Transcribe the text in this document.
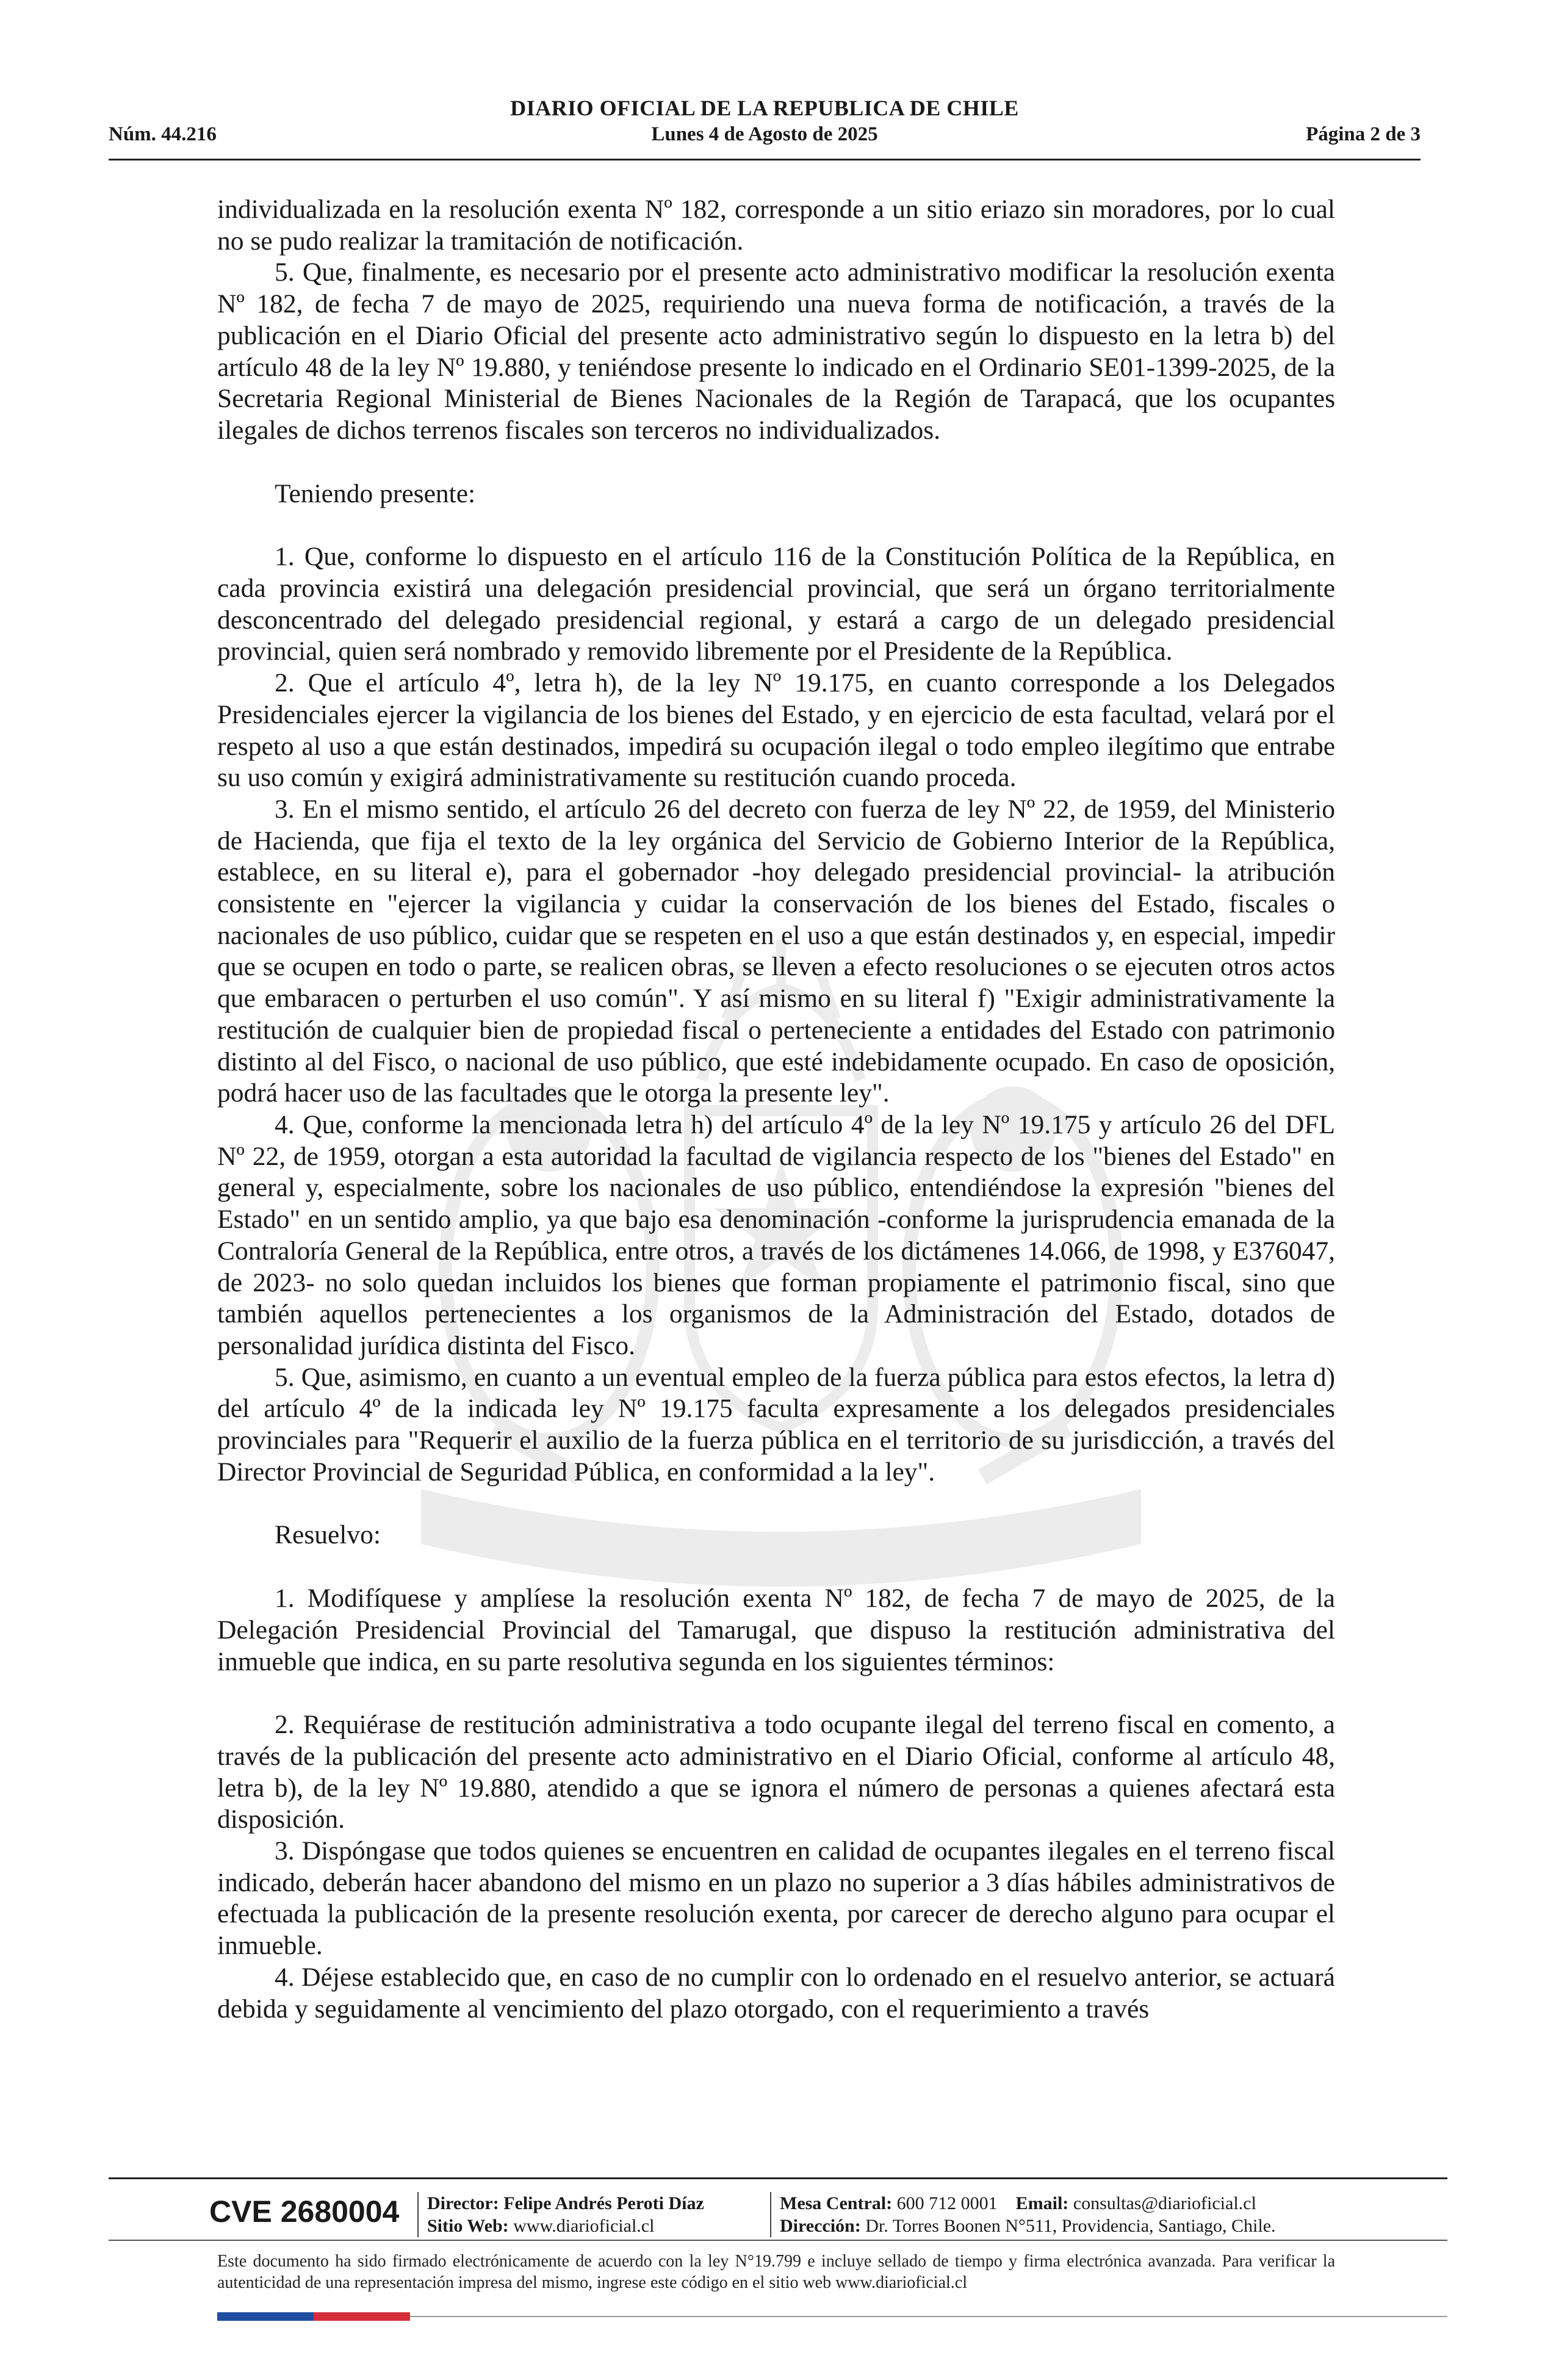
DIARIO OFICIAL DE LA REPUBLICA DE CHILE
Núm. 44.216	Lunes 4 de Agosto de 2025	Página 2 de 3

individualizada en la resolución exenta Nº 182, corresponde a un sitio eriazo sin moradores, por lo cual no se pudo realizar la tramitación de notificación.

5. Que, finalmente, es necesario por el presente acto administrativo modificar la resolución exenta Nº 182, de fecha 7 de mayo de 2025, requiriendo una nueva forma de notificación, a través de la publicación en el Diario Oficial del presente acto administrativo según lo dispuesto en la letra b) del artículo 48 de la ley Nº 19.880, y teniéndose presente lo indicado en el Ordinario SE01-1399-2025, de la Secretaria Regional Ministerial de Bienes Nacionales de la Región de Tarapacá, que los ocupantes ilegales de dichos terrenos fiscales son terceros no individualizados.

Teniendo presente:

1. Que, conforme lo dispuesto en el artículo 116 de la Constitución Política de la República, en cada provincia existirá una delegación presidencial provincial, que será un órgano territorialmente desconcentrado del delegado presidencial regional, y estará a cargo de un delegado presidencial provincial, quien será nombrado y removido libremente por el Presidente de la República.

2. Que el artículo 4º, letra h), de la ley Nº 19.175, en cuanto corresponde a los Delegados Presidenciales ejercer la vigilancia de los bienes del Estado, y en ejercicio de esta facultad, velará por el respeto al uso a que están destinados, impedirá su ocupación ilegal o todo empleo ilegítimo que entrabe su uso común y exigirá administrativamente su restitución cuando proceda.

3. En el mismo sentido, el artículo 26 del decreto con fuerza de ley Nº 22, de 1959, del Ministerio de Hacienda, que fija el texto de la ley orgánica del Servicio de Gobierno Interior de la República, establece, en su literal e), para el gobernador -hoy delegado presidencial provincial- la atribución consistente en "ejercer la vigilancia y cuidar la conservación de los bienes del Estado, fiscales o nacionales de uso público, cuidar que se respeten en el uso a que están destinados y, en especial, impedir que se ocupen en todo o parte, se realicen obras, se lleven a efecto resoluciones o se ejecuten otros actos que embaracen o perturben el uso común". Y así mismo en su literal f) "Exigir administrativamente la restitución de cualquier bien de propiedad fiscal o perteneciente a entidades del Estado con patrimonio distinto al del Fisco, o nacional de uso público, que esté indebidamente ocupado. En caso de oposición, podrá hacer uso de las facultades que le otorga la presente ley".

4. Que, conforme la mencionada letra h) del artículo 4º de la ley Nº 19.175 y artículo 26 del DFL Nº 22, de 1959, otorgan a esta autoridad la facultad de vigilancia respecto de los "bienes del Estado" en general y, especialmente, sobre los nacionales de uso público, entendiéndose la expresión "bienes del Estado" en un sentido amplio, ya que bajo esa denominación -conforme la jurisprudencia emanada de la Contraloría General de la República, entre otros, a través de los dictámenes 14.066, de 1998, y E376047, de 2023- no solo quedan incluidos los bienes que forman propiamente el patrimonio fiscal, sino que también aquellos pertenecientes a los organismos de la Administración del Estado, dotados de personalidad jurídica distinta del Fisco.

5. Que, asimismo, en cuanto a un eventual empleo de la fuerza pública para estos efectos, la letra d) del artículo 4º de la indicada ley Nº 19.175 faculta expresamente a los delegados presidenciales provinciales para "Requerir el auxilio de la fuerza pública en el territorio de su jurisdicción, a través del Director Provincial de Seguridad Pública, en conformidad a la ley".

Resuelvo:

1. Modifíquese y amplíese la resolución exenta Nº 182, de fecha 7 de mayo de 2025, de la Delegación Presidencial Provincial del Tamarugal, que dispuso la restitución administrativa del inmueble que indica, en su parte resolutiva segunda en los siguientes términos:

2. Requiérase de restitución administrativa a todo ocupante ilegal del terreno fiscal en comento, a través de la publicación del presente acto administrativo en el Diario Oficial, conforme al artículo 48, letra b), de la ley Nº 19.880, atendido a que se ignora el número de personas a quienes afectará esta disposición.

3. Dispóngase que todos quienes se encuentren en calidad de ocupantes ilegales en el terreno fiscal indicado, deberán hacer abandono del mismo en un plazo no superior a 3 días hábiles administrativos de efectuada la publicación de la presente resolución exenta, por carecer de derecho alguno para ocupar el inmueble.

4. Déjese establecido que, en caso de no cumplir con lo ordenado en el resuelvo anterior, se actuará debida y seguidamente al vencimiento del plazo otorgado, con el requerimiento a través

CVE 2680004 Director: Felipe Andrés Peroti Díaz
Sitio Web: www.diarioficial.cl
Mesa Central: 600 712 0001 Email: consultas@diarioficial.cl
Dirección: Dr. Torres Boonen N°511, Providencia, Santiago, Chile.
Este documento ha sido firmado electrónicamente de acuerdo con la ley N°19.799 e incluye sellado de tiempo y firma electrónica avanzada. Para verificar la autenticidad de una representación impresa del mismo, ingrese este código en el sitio web www.diarioficial.cl
